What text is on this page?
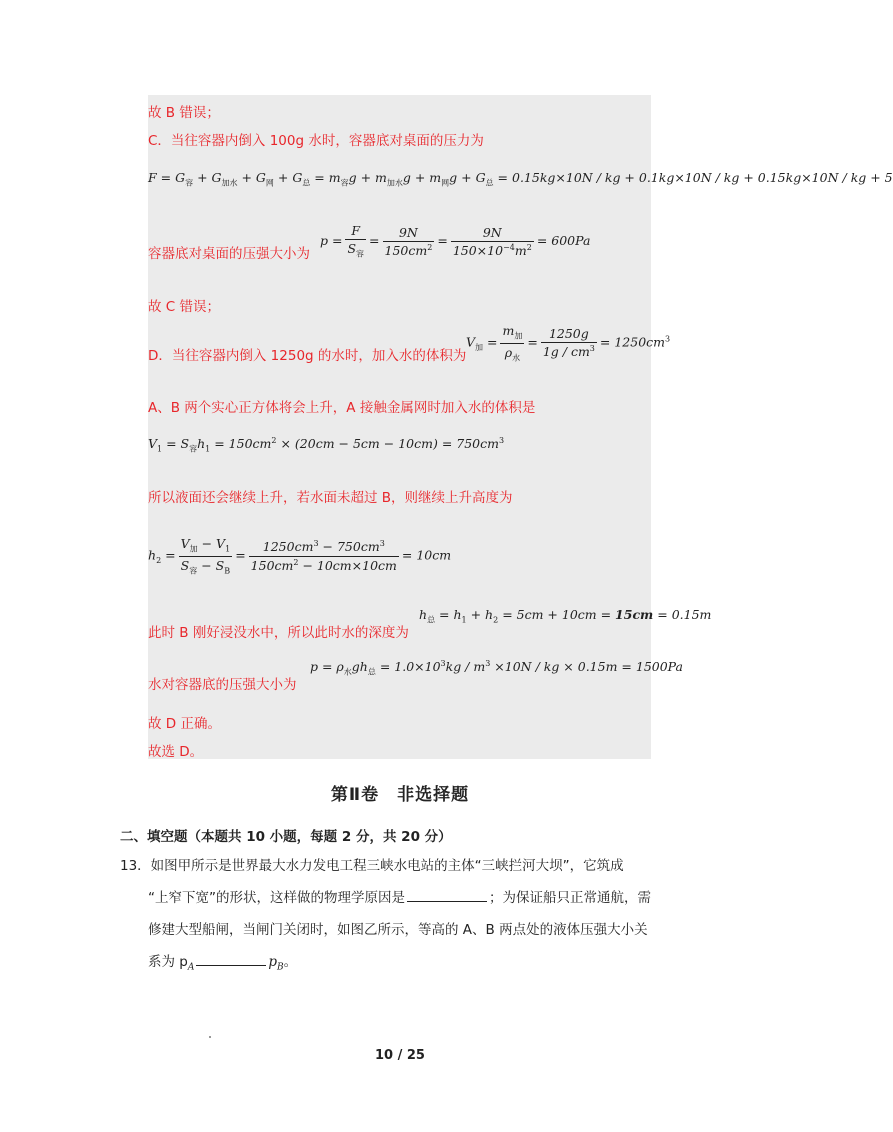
故 B 错误；
C．当往容器内倒入 100g 水时，容器底对桌面的压力为
$F = G_容 + G_{加水} + G_网 + G_总 = m_容g + m_{加水}g + m_网g + G_总 = 0.15kg\times 10N$ / kg + 0.1kg×10N / kg + 0.15kg×10N / kg + 5
容器底对桌面的压强大小为
$p = \frac{F}{S_容} = \frac{9N}{150cm^2} = \frac{9N}{150\times 10^{-4}m^2} = 600Pa$
故 C 错误；
D．当往容器内倒入 1250g 的水时，加入水的体积为
$V_加 = \frac{m_加}{\rho_水} = \frac{1250g}{1g / cm^3} = 1250cm^3$
A、B 两个实心正方体将会上升，A 接触金属网时加入水的体积是
$V_1 = S_容h_1 = 150cm^2 \times (20cm - 5cm - 10cm) = 750cm^3$
所以液面还会继续上升，若水面未超过 B，则继续上升高度为
$h_2 = \frac{V_加 - V_1}{S_容 - S_B} = \frac{1250cm^3 - 750cm^3}{150cm^2 - 10cm\times 10cm} = 10cm$
此时 B 刚好浸没水中，所以此时水的深度为
$h_总 = h_1 + h_2 = 5cm + 10cm = 15cm = 0.15m$
水对容器底的压强大小为
$p = \rho_水gh_总 = 1.0\times 10^3kg / m^3 \times 10N$ / kg × 0.15m = 1500Pa
故 D 正确。
故选 D。
第Ⅱ卷 非选择题
二、填空题（本题共 10 小题，每题 2 分，共 20 分）
13．如图甲所示是世界最大水力发电工程三峡水电站的主体“三峡拦河大坝”，它筑成
“上窄下宽”的形状，这样做的物理学原因是	；为保证船只正常通航，需
修建大型船闸，当闸门关闭时，如图乙所示，等高的 A、B 两点处的液体压强大小关
系为 $p_A$	$p_B$。
10 / 25
